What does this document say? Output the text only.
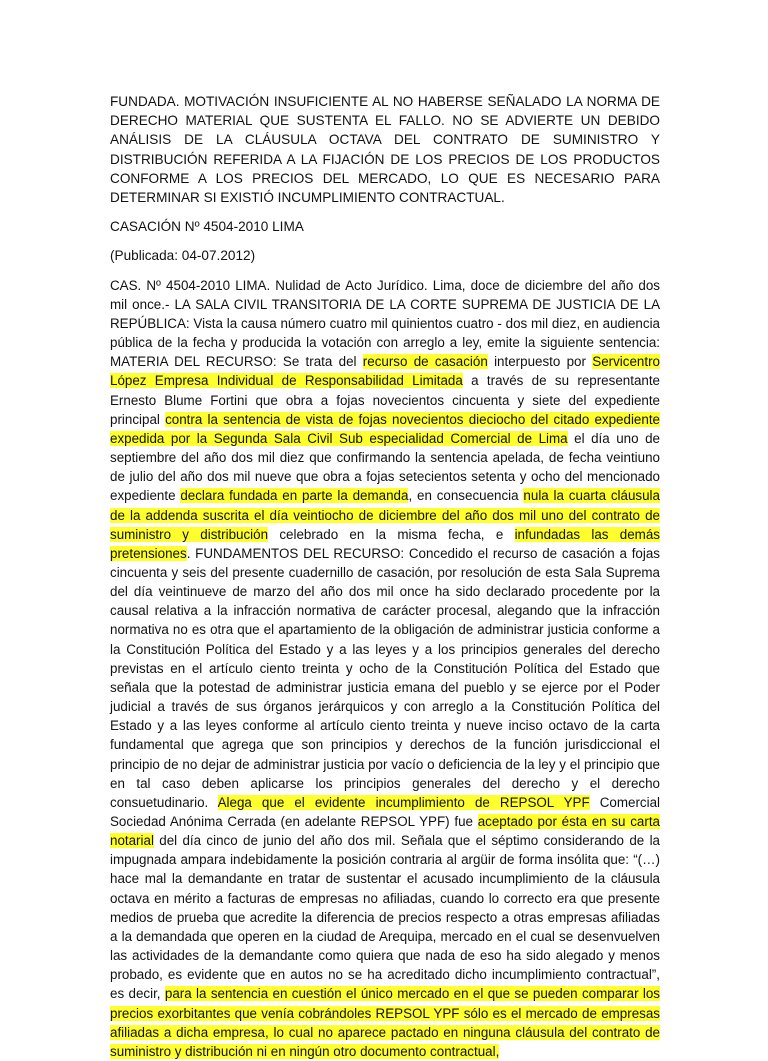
FUNDADA. MOTIVACIÓN INSUFICIENTE AL NO HABERSE SEÑALADO LA NORMA DE DERECHO MATERIAL QUE SUSTENTA EL FALLO. NO SE ADVIERTE UN DEBIDO ANÁLISIS DE LA CLÁUSULA OCTAVA DEL CONTRATO DE SUMINISTRO Y DISTRIBUCIÓN REFERIDA A LA FIJACIÓN DE LOS PRECIOS DE LOS PRODUCTOS CONFORME A LOS PRECIOS DEL MERCADO, LO QUE ES NECESARIO PARA DETERMINAR SI EXISTIÓ INCUMPLIMIENTO CONTRACTUAL.

CASACIÓN Nº 4504-2010 LIMA

(Publicada: 04-07.2012)

CAS. Nº 4504-2010 LIMA. Nulidad de Acto Jurídico. Lima, doce de diciembre del año dos mil once.- LA SALA CIVIL TRANSITORIA DE LA CORTE SUPREMA DE JUSTICIA DE LA REPÚBLICA: Vista la causa número cuatro mil quinientos cuatro - dos mil diez, en audiencia pública de la fecha y producida la votación con arreglo a ley, emite la siguiente sentencia: MATERIA DEL RECURSO: Se trata del recurso de casación interpuesto por Servicentro López Empresa Individual de Responsabilidad Limitada a través de su representante Ernesto Blume Fortini que obra a fojas novecientos cincuenta y siete del expediente principal contra la sentencia de vista de fojas novecientos dieciocho del citado expediente expedida por la Segunda Sala Civil Sub especialidad Comercial de Lima el día uno de septiembre del año dos mil diez que confirmando la sentencia apelada, de fecha veintiuno de julio del año dos mil nueve que obra a fojas setecientos setenta y ocho del mencionado expediente declara fundada en parte la demanda, en consecuencia nula la cuarta cláusula de la addenda suscrita el día veintiocho de diciembre del año dos mil uno del contrato de suministro y distribución celebrado en la misma fecha, e infundadas las demás pretensiones. FUNDAMENTOS DEL RECURSO: Concedido el recurso de casación a fojas cincuenta y seis del presente cuadernillo de casación, por resolución de esta Sala Suprema del día veintinueve de marzo del año dos mil once ha sido declarado procedente por la causal relativa a la infracción normativa de carácter procesal, alegando que la infracción normativa no es otra que el apartamiento de la obligación de administrar justicia conforme a la Constitución Política del Estado y a las leyes y a los principios generales del derecho previstas en el artículo ciento treinta y ocho de la Constitución Política del Estado que señala que la potestad de administrar justicia emana del pueblo y se ejerce por el Poder judicial a través de sus órganos jerárquicos y con arreglo a la Constitución Política del Estado y a las leyes conforme al artículo ciento treinta y nueve inciso octavo de la carta fundamental que agrega que son principios y derechos de la función jurisdiccional el principio de no dejar de administrar justicia por vacío o deficiencia de la ley y el principio que en tal caso deben aplicarse los principios generales del derecho y el derecho consuetudinario. Alega que el evidente incumplimiento de REPSOL YPF Comercial Sociedad Anónima Cerrada (en adelante REPSOL YPF) fue aceptado por ésta en su carta notarial del día cinco de junio del año dos mil. Señala que el séptimo considerando de la impugnada ampara indebidamente la posición contraria al argüir de forma insólita que: “(…) hace mal la demandante en tratar de sustentar el acusado incumplimiento de la cláusula octava en mérito a facturas de empresas no afiliadas, cuando lo correcto era que presente medios de prueba que acredite la diferencia de precios respecto a otras empresas afiliadas a la demandada que operen en la ciudad de Arequipa, mercado en el cual se desenvuelven las actividades de la demandante como quiera que nada de eso ha sido alegado y menos probado, es evidente que en autos no se ha acreditado dicho incumplimiento contractual”, es decir, para la sentencia en cuestión el único mercado en el que se pueden comparar los precios exorbitantes que venía cobrándoles REPSOL YPF sólo es el mercado de empresas afiliadas a dicha empresa, lo cual no aparece pactado en ninguna cláusula del contrato de suministro y distribución ni en ningún otro documento contractual,
